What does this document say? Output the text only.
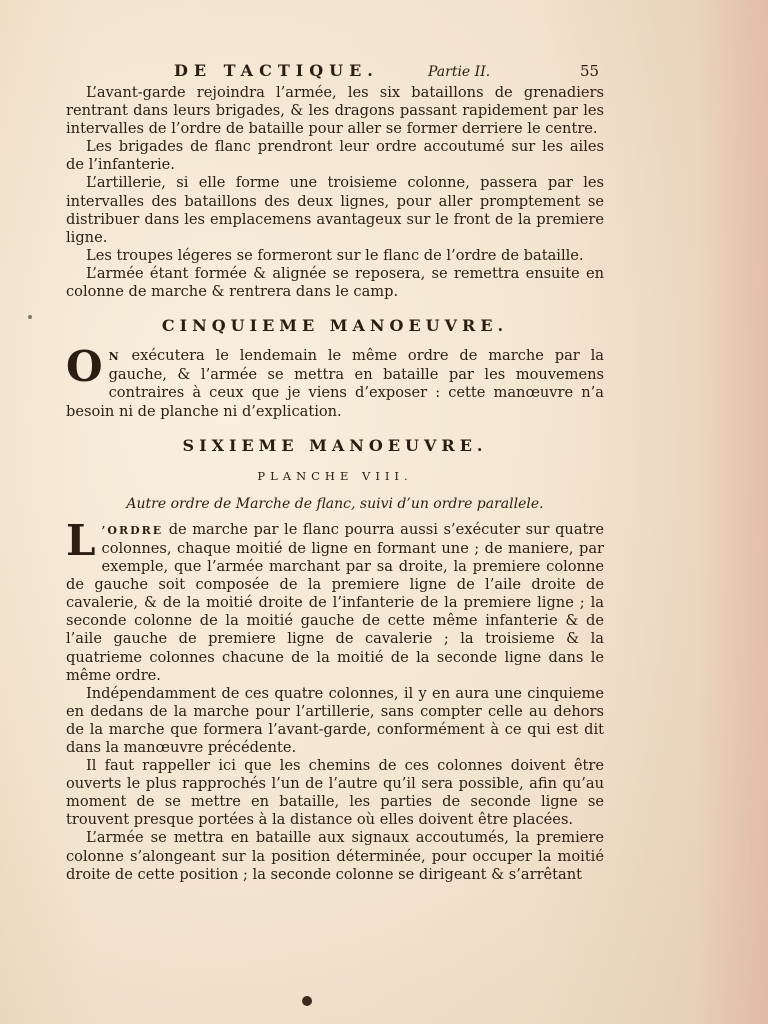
DE TACTIQUE.	Partie II.	55

L’avant-garde rejoindra l’armée, les six bataillons de grenadiers rentrant dans leurs brigades, & les dragons passant rapidement par les intervalles de l’ordre de bataille pour aller se former derriere le centre.

Les brigades de flanc prendront leur ordre accoutumé sur les ailes de l’infanterie.

L’artillerie, si elle forme une troisieme colonne, passera par les intervalles des bataillons des deux lignes, pour aller promptement se distribuer dans les emplacemens avantageux sur le front de la premiere ligne.

Les troupes légeres se formeront sur le flanc de l’ordre de bataille.

L’armée étant formée & alignée se reposera, se remettra ensuite en colonne de marche & rentrera dans le camp.

CINQUIEME MANOEUVRE.

O N exécutera le lendemain le même ordre de marche par la gauche, & l’armée se mettra en bataille par les mouvemens contraires à ceux que je viens d’exposer : cette manœuvre n’a besoin ni de planche ni d’explication.

SIXIEME MANOEUVRE.
PLANCHE VIII.
Autre ordre de Marche de flanc, suivi d’un ordre parallele.

L ’ORDRE de marche par le flanc pourra aussi s’exécuter sur quatre colonnes, chaque moitié de ligne en formant une ; de maniere, par exemple, que l’armée marchant par sa droite, la premiere colonne de gauche soit composée de la premiere ligne de l’aile droite de cavalerie, & de la moitié droite de l’infanterie de la premiere ligne ; la seconde colonne de la moitié gauche de cette même infanterie & de l’aile gauche de premiere ligne de cavalerie ; la troisieme & la quatrieme colonnes chacune de la moitié de la seconde ligne dans le même ordre.

Indépendamment de ces quatre colonnes, il y en aura une cinquieme en dedans de la marche pour l’artillerie, sans compter celle au dehors de la marche que formera l’avant-garde, conformément à ce qui est dit dans la manœuvre précédente.

Il faut rappeller ici que les chemins de ces colonnes doivent être ouverts le plus rapprochés l’un de l’autre qu’il sera possible, afin qu’au moment de se mettre en bataille, les parties de seconde ligne se trouvent presque portées à la distance où elles doivent être placées.

L’armée se mettra en bataille aux signaux accoutumés, la premiere colonne s’alongeant sur la position déterminée, pour occuper la moitié droite de cette position ; la seconde colonne se dirigeant & s’arrêtant
